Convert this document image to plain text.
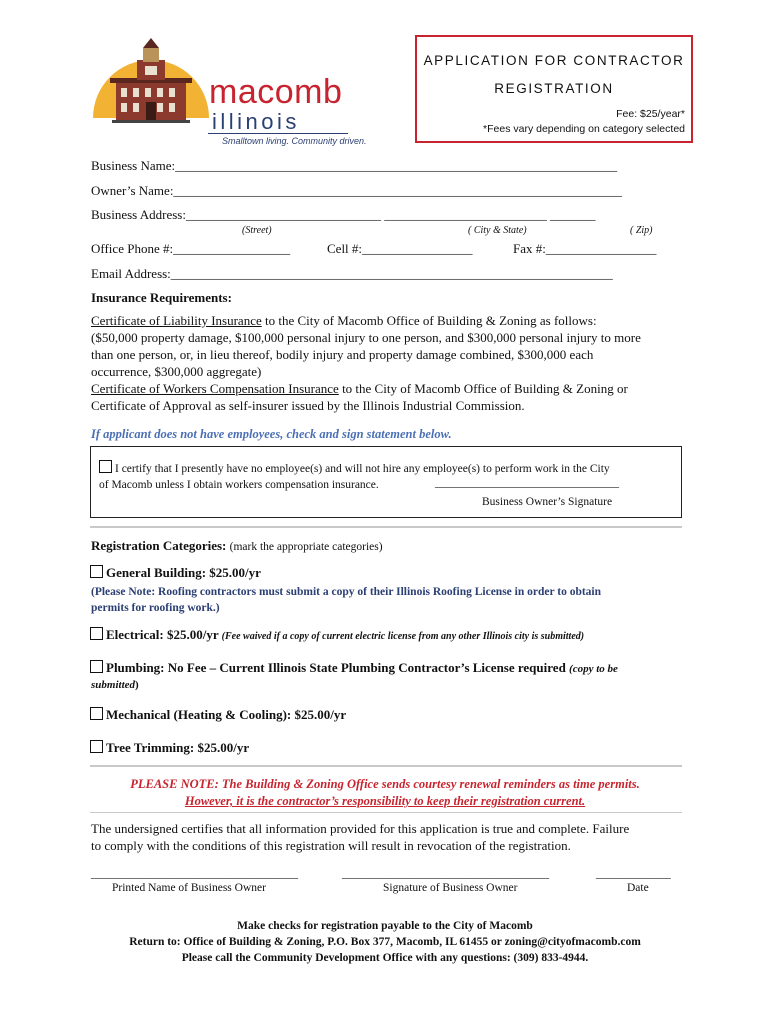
macomb
illinois
Smalltown living. Community driven.
APPLICATION FOR CONTRACTOR
REGISTRATION
Fee: $25/year*
*Fees vary depending on category selected
Business Name:____________________________________________________________________
Owner’s Name:_____________________________________________________________________
Business Address:______________________________ _________________________ _______
(Street)	( City & State)	( Zip)
Office Phone #:__________________	Cell #:_________________	Fax #:_________________
Email Address:____________________________________________________________________
Insurance Requirements:
Certificate of Liability Insurance to the City of Macomb Office of Building & Zoning as follows:
($50,000 property damage, $100,000 personal injury to one person, and $300,000 personal injury to more
than one person, or, in lieu thereof, bodily injury and property damage combined, $300,000 each
occurrence, $300,000 aggregate)
Certificate of Workers Compensation Insurance to the City of Macomb Office of Building & Zoning or
Certificate of Approval as self-insurer issued by the Illinois Industrial Commission.
If applicant does not have employees, check and sign statement below.
I certify that I presently have no employee(s) and will not hire any employee(s) to perform work in the City
of Macomb unless I obtain workers compensation insurance.	________________________________
Business Owner’s Signature
Registration Categories: (mark the appropriate categories)
General Building: $25.00/yr
(Please Note: Roofing contractors must submit a copy of their Illinois Roofing License in order to obtain
permits for roofing work.)
Electrical: $25.00/yr (Fee waived if a copy of current electric license from any other Illinois city is submitted)
Plumbing: No Fee – Current Illinois State Plumbing Contractor’s License required (copy to be
submitted)
Mechanical (Heating & Cooling): $25.00/yr
Tree Trimming: $25.00/yr
PLEASE NOTE: The Building & Zoning Office sends courtesy renewal reminders as time permits.
However, it is the contractor’s responsibility to keep their registration current.
The undersigned certifies that all information provided for this application is true and complete. Failure
to comply with the conditions of this registration will result in revocation of the registration.
____________________________________
Printed Name of Business Owner
____________________________________
Signature of Business Owner
_____________
Date
Make checks for registration payable to the City of Macomb
Return to: Office of Building & Zoning, P.O. Box 377, Macomb, IL 61455 or zoning@cityofmacomb.com
Please call the Community Development Office with any questions: (309) 833-4944.
